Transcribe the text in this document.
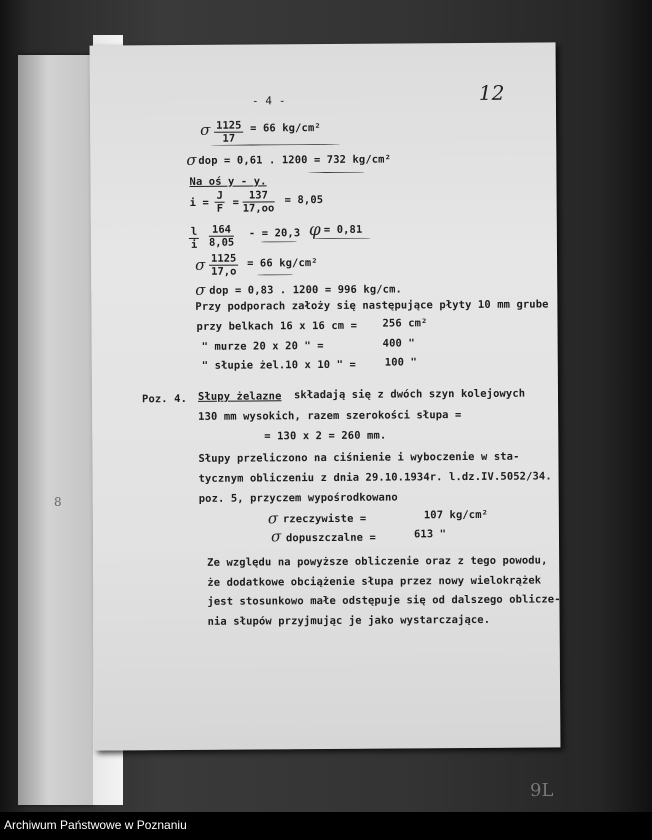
8
- 4 -	12
σ $\frac{1125}{17} = 66$ kg/cm²
σ dop = 0,61 . 1200 = 732 kg/cm²
Na oś y - y.
$i = \frac{J}{F} = \frac{137}{17,oo} = 8,05$
$\frac{l}{i} \frac{164}{8,05}$ - = 20,3 φ = 0,81
σ $\frac{1125}{17,o} = 66$ kg/cm²
σ dop = 0,83 . 1200 = 996 kg/cm.
Przy podporach założy się następujące płyty 10 mm grube
przy belkach 16 x 16 cm = 256 cm²
" murze 20 x 20 " =	400 "
" słupie żel.10 x 10 " =	100 "
Poz. 4. Słupy żelazne składają się z dwóch szyn kolejowych
130 mm wysokich, razem szerokości słupa =
= 130 x 2 = 260 mm.
Słupy przeliczono na ciśnienie i wyboczenie w sta-
tycznym obliczeniu z dnia 29.10.1934r. l.dz.IV.5052/34.
poz. 5, przyczem wypośrodkowano
σ rzeczywiste =	107 kg/cm²
σ dopuszczalne =	613 "
Ze względu na powyższe obliczenie oraz z tego powodu,
że dodatkowe obciążenie słupa przez nowy wielokrążek
jest stosunkowo małe odstępuje się od dalszego oblicze-
nia słupów przyjmując je jako wystarczające.
9L
Archiwum Państwowe w Poznaniu
